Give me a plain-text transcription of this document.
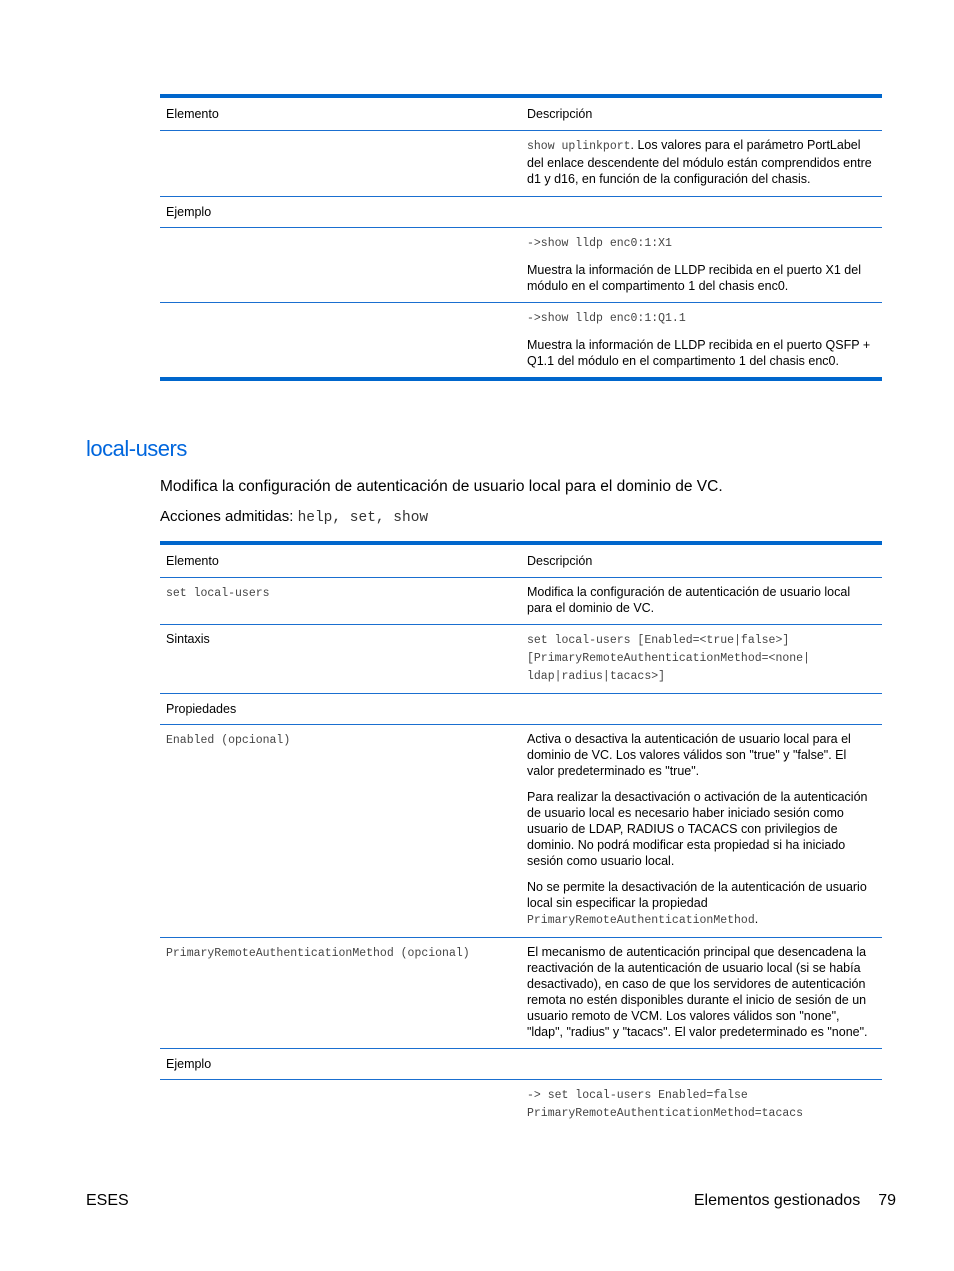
Elemento	Descripción
	show uplinkport. Los valores para el parámetro PortLabel del enlace descendente del módulo están comprendidos entre d1 y d16, en función de la configuración del chasis.
Ejemplo	

	->show lldp enc0:1:X1

Muestra la información de LLDP recibida en el puerto X1 del módulo en el compartimento 1 del chasis enc0.

	->show lldp enc0:1:Q1.1

Muestra la información de LLDP recibida en el puerto QSFP + Q1.1 del módulo en el compartimento 1 del chasis enc0.

local-users

Modifica la configuración de autenticación de usuario local para el dominio de VC.

Acciones admitidas: help, set, show

Elemento	Descripción
set local-users	Modifica la configuración de autenticación de usuario local para el dominio de VC.
Sintaxis	set local-users [Enabled=<true|false>]
[PrimaryRemoteAuthenticationMethod=<none|
ldap|radius|tacacs>]
Propiedades	
Enabled (opcional)	Activa o desactiva la autenticación de usuario local para el dominio de VC. Los valores válidos son "true" y "false". El valor predeterminado es "true".

Para realizar la desactivación o activación de la autenticación de usuario local es necesario haber iniciado sesión como usuario de LDAP, RADIUS o TACACS con privilegios de dominio. No podrá modificar esta propiedad si ha iniciado sesión como usuario local.

No se permite la desactivación de la autenticación de usuario local sin especificar la propiedad
PrimaryRemoteAuthenticationMethod.

PrimaryRemoteAuthenticationMethod (opcional)	El mecanismo de autenticación principal que desencadena la reactivación de la autenticación de usuario local (si se había desactivado), en caso de que los servidores de autenticación remota no estén disponibles durante el inicio de sesión de un usuario remoto de VCM. Los valores válidos son "none", "ldap", "radius" y "tacacs". El valor predeterminado es "none".
Ejemplo	
	-> set local-users Enabled=false
PrimaryRemoteAuthenticationMethod=tacacs
ESES	Elementos gestionados 79
